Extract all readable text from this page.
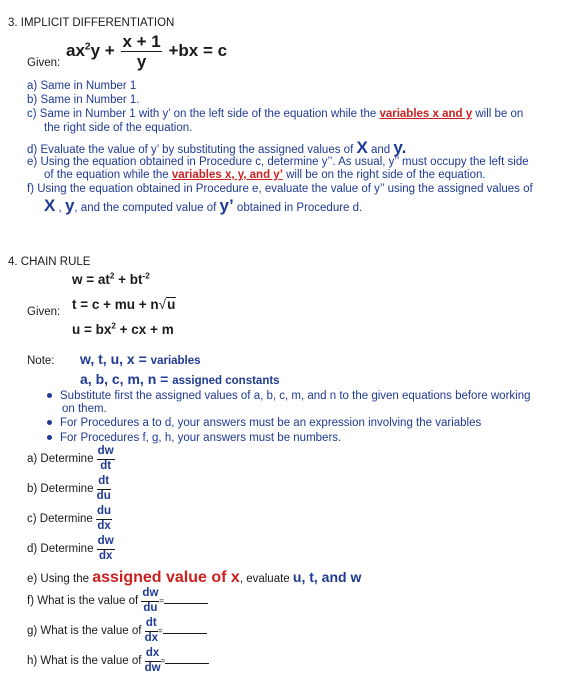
3. IMPLICIT DIFFERENTIATION
Given:
$ax^2y + \frac{x + 1}{y} +bx = c$
a) Same in Number 1
b) Same in Number 1.
c) Same in Number 1 with y’ on the left side of the equation while the variables x and y will be on
the right side of the equation.
d) Evaluate the value of y’ by substituting the assigned values of X and y.
e) Using the equation obtained in Procedure c, determine y’’. As usual, y’’ must occupy the left side
of the equation while the variables x, y, and y’ will be on the right side of the equation.
f) Using the equation obtained in Procedure e, evaluate the value of y’’ using the assigned values of
X , y, and the computed value of y’ obtained in Procedure d.
4. CHAIN RULE
$w = at^2 + bt^{-2}$
Given: t = c + mu + n√u
$u = bx^2$ + cx + m
Note: w, t, u, x = variables
a, b, c, m, n = assigned constants
Substitute first the assigned values of a, b, c, m, and n to the given equations before working
on them.
For Procedures a to d, your answers must be an expression involving the variables
For Procedures f, g, h, your answers must be numbers.
a) Determine $\frac{dw}{dt}$
b) Determine $\frac{dt}{du}$
c) Determine $\frac{du}{dx}$
d) Determine $\frac{dw}{dx}$
e) Using the assigned value of x, evaluate u, t, and w
f) What is the value of $\frac{dw}{du}$ =
g) What is the value of $\frac{dt}{dx}$ =
h) What is the value of $\frac{dx}{dw}$ =
